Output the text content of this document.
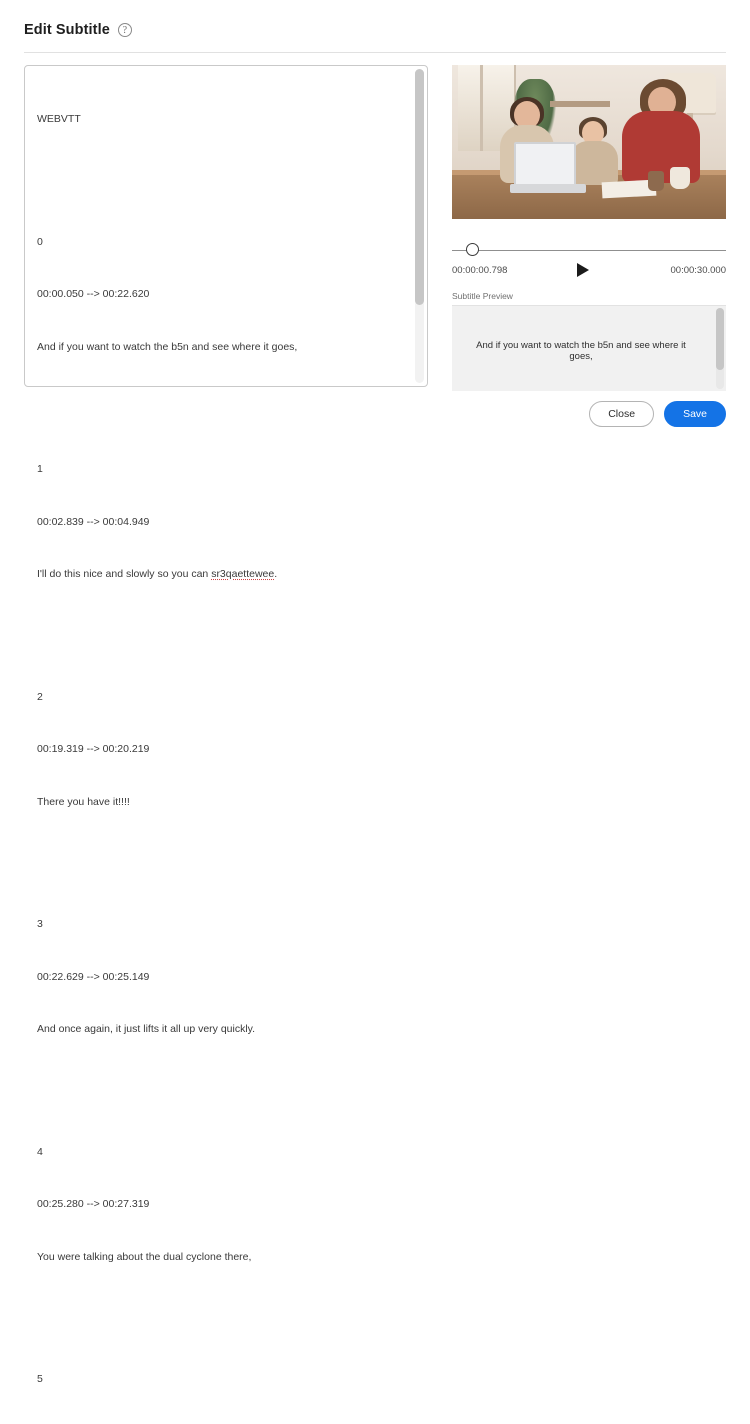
Edit Subtitle	?

WEBVTT

0

00:00.050 --> 00:22.620

And if you want to watch the b5n and see where it goes,

1

00:02.839 --> 00:04.949

I'll do this nice and slowly so you can sr3qaettewee.

2

00:19.319 --> 00:20.219

There you have it!!!!

3

00:22.629 --> 00:25.149

And once again, it just lifts it all up very quickly.

4

00:25.280 --> 00:27.319

You were talking about the dual cyclone there,

5

00:00:00.798	00:00:30.000
Subtitle Preview
And if you want to watch the b5n and see where it goes,
Close	Save
